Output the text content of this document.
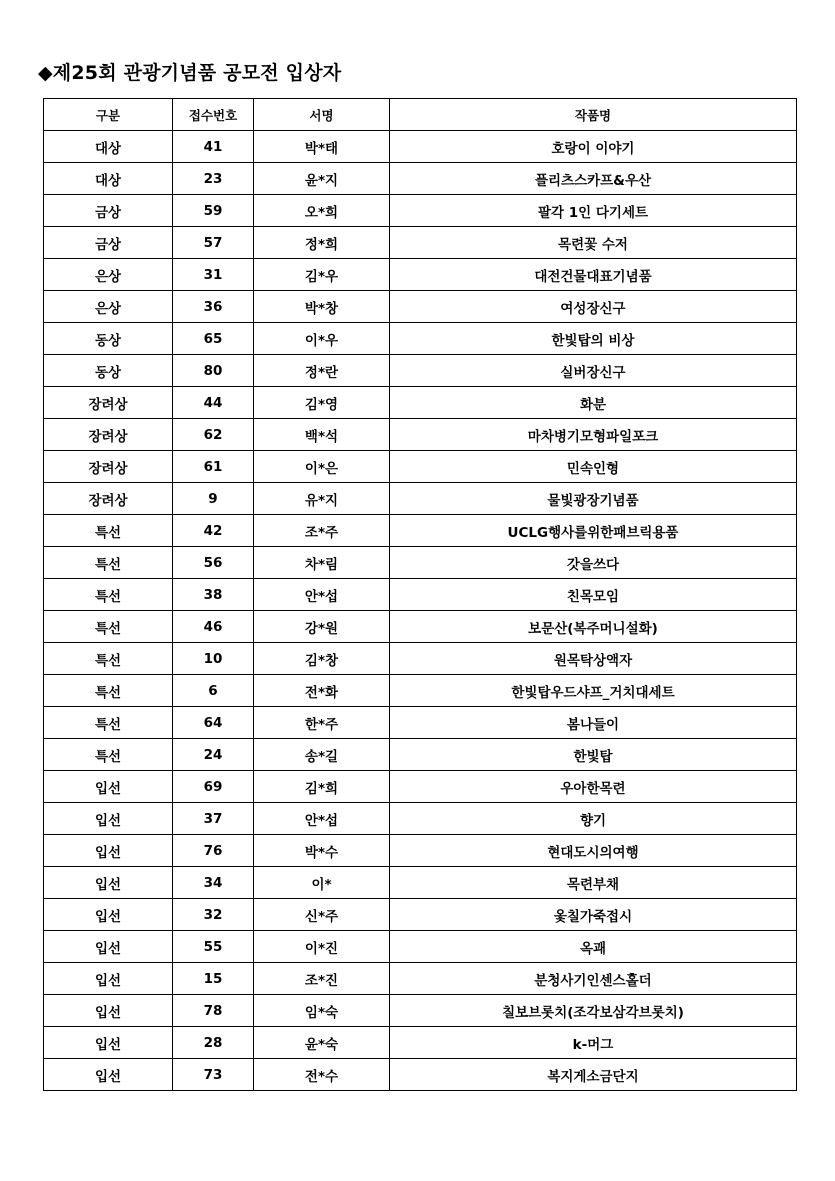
◆제25회 관광기념품 공모전 입상자
구분	접수번호	서명	작품명
대상	41	박*태	호랑이 이야기
대상	23	윤*지	플리츠스카프&우산
금상	59	오*희	팔각 1인 다기세트
금상	57	정*희	목련꽃 수저
은상	31	김*우	대전건물대표기념품
은상	36	박*창	여성장신구
동상	65	이*우	한빛탑의 비상
동상	80	정*란	실버장신구
장려상	44	김*영	화분
장려상	62	백*석	마차병기모형파일포크
장려상	61	이*은	민속인형
장려상	9	유*지	물빛광장기념품
특선	42	조*주	UCLG행사를위한패브릭용품
특선	56	차*림	갓을쓰다
특선	38	안*섭	친목모임
특선	46	강*원	보문산(복주머니설화)
특선	10	김*창	원목탁상액자
특선	6	전*화	한빛탑우드샤프_거치대세트
특선	64	한*주	봄나들이
특선	24	송*길	한빛탑
입선	69	김*희	우아한목련
입선	37	안*섭	향기
입선	76	박*수	현대도시의여행
입선	34	이*	목련부채
입선	32	신*주	옻칠가죽접시
입선	55	이*진	옥괘
입선	15	조*진	분청사기인센스홀더
입선	78	임*숙	칠보브롯치(조각보삼각브롯치)
입선	28	윤*숙	k-머그
입선	73	전*수	복지게소금단지
